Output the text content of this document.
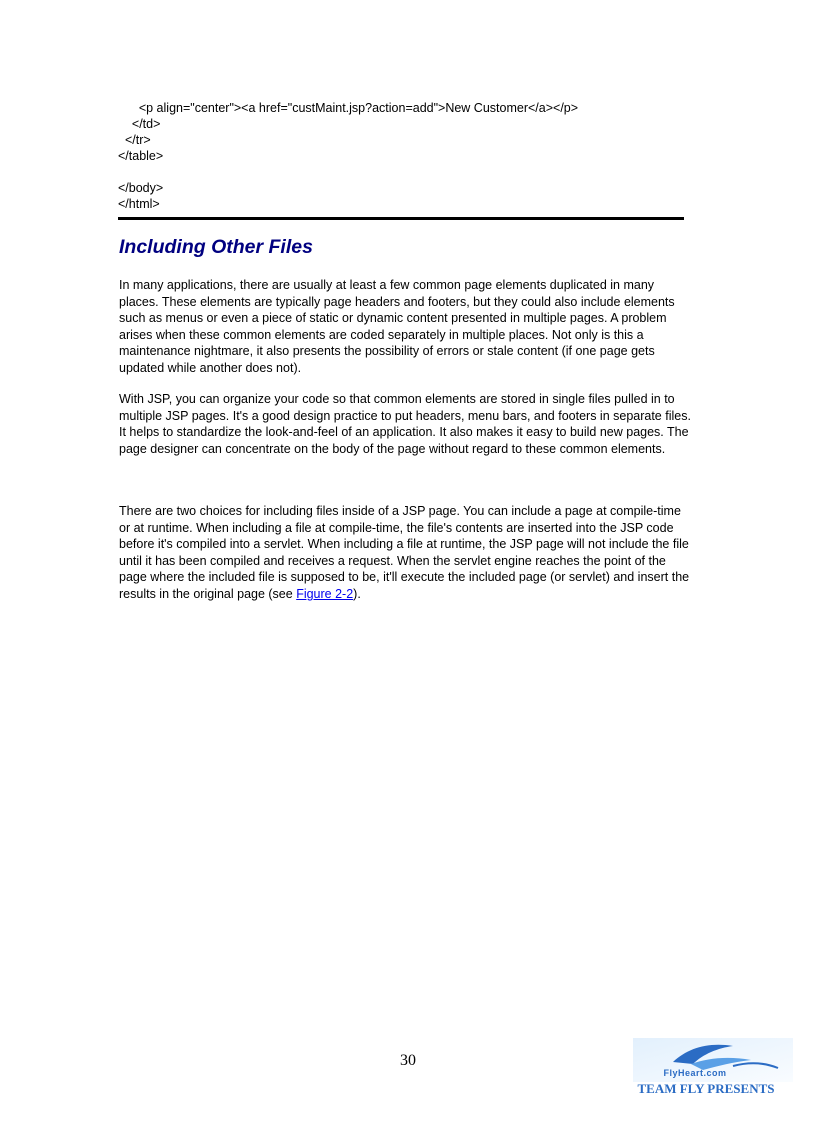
<p align="center"><a href="custMaint.jsp?action=add">New Customer</a></p>
</td>
</tr>
</table>
</body>
</html>
Including Other Files

In many applications, there are usually at least a few common page elements duplicated in many places. These elements are typically page headers and footers, but they could also include elements such as menus or even a piece of static or dynamic content presented in multiple pages. A problem arises when these common elements are coded separately in multiple places. Not only is this a maintenance nightmare, it also presents the possibility of errors or stale content (if one page gets updated while another does not).

With JSP, you can organize your code so that common elements are stored in single files pulled in to multiple JSP pages. It's a good design practice to put headers, menu bars, and footers in separate files. It helps to standardize the look-and-feel of an application. It also makes it easy to build new pages. The page designer can concentrate on the body of the page without regard to these common elements.

There are two choices for including files inside of a JSP page. You can include a page at compile-time or at runtime. When including a file at compile-time, the file's contents are inserted into the JSP code before it's compiled into a servlet. When including a file at runtime, the JSP page will not include the file until it has been compiled and receives a request. When the servlet engine reaches the point of the page where the included file is supposed to be, it'll execute the included page (or servlet) and insert the results in the original page (see Figure 2-2).

30
FlyHeart.com
TEAM FLY PRESENTS
